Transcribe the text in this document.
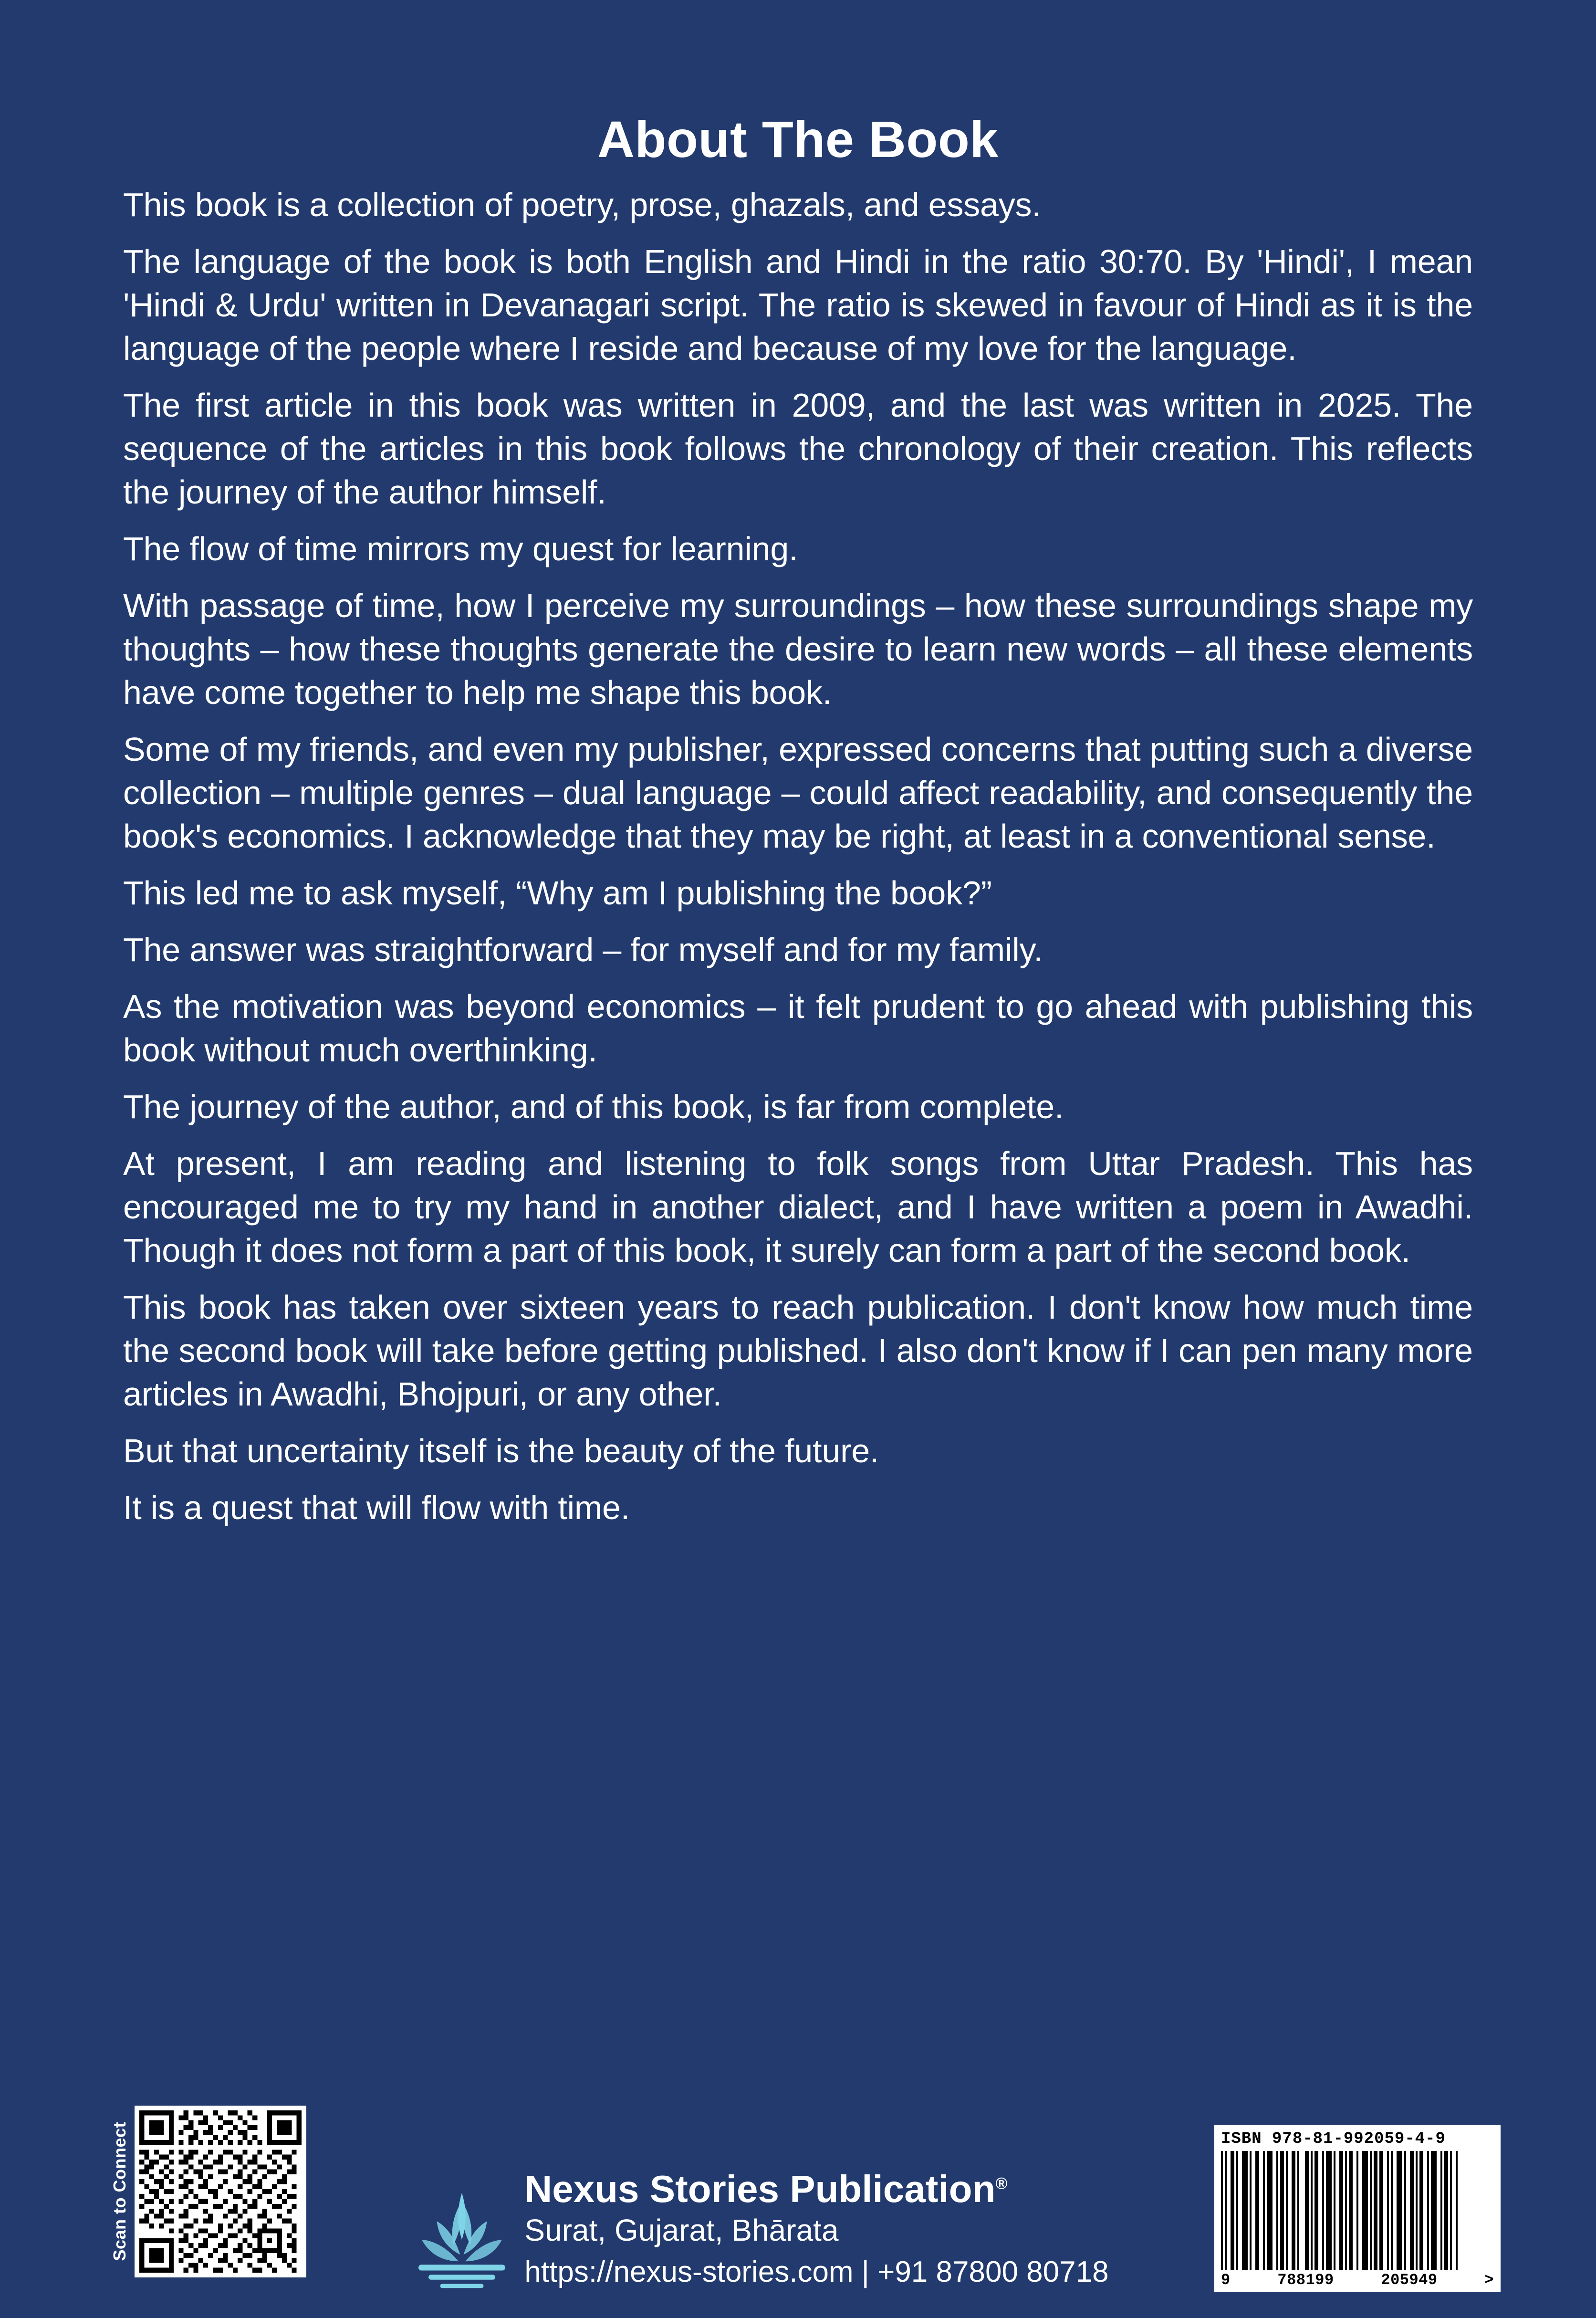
About The Book

This book is a collection of poetry, prose, ghazals, and essays.

The language of the book is both English and Hindi in the ratio 30:70. By 'Hindi', I mean 'Hindi & Urdu' written in Devanagari script. The ratio is skewed in favour of Hindi as it is the language of the people where I reside and because of my love for the language.

The first article in this book was written in 2009, and the last was written in 2025. The sequence of the articles in this book follows the chronology of their creation. This reflects the journey of the author himself.

The flow of time mirrors my quest for learning.

With passage of time, how I perceive my surroundings – how these surroundings shape my thoughts – how these thoughts generate the desire to learn new words – all these elements have come together to help me shape this book.

Some of my friends, and even my publisher, expressed concerns that putting such a diverse collection – multiple genres – dual language – could affect readability, and consequently the book's economics. I acknowledge that they may be right, at least in a conventional sense.

This led me to ask myself, “Why am I publishing the book?”

The answer was straightforward – for myself and for my family.

As the motivation was beyond economics – it felt prudent to go ahead with publishing this book without much overthinking.

The journey of the author, and of this book, is far from complete.

At present, I am reading and listening to folk songs from Uttar Pradesh. This has encouraged me to try my hand in another dialect, and I have written a poem in Awadhi. Though it does not form a part of this book, it surely can form a part of the second book.

This book has taken over sixteen years to reach publication. I don't know how much time the second book will take before getting published. I also don't know if I can pen many more articles in Awadhi, Bhojpuri, or any other.

But that uncertainty itself is the beauty of the future.

It is a quest that will flow with time.

Scan to Connect	Nexus Stories Publication®
Surat, Gujarat, Bhārata
https://nexus-stories.com | +91 87800 80718
ISBN 978-81-992059-4-9
9	788199	205949	>
